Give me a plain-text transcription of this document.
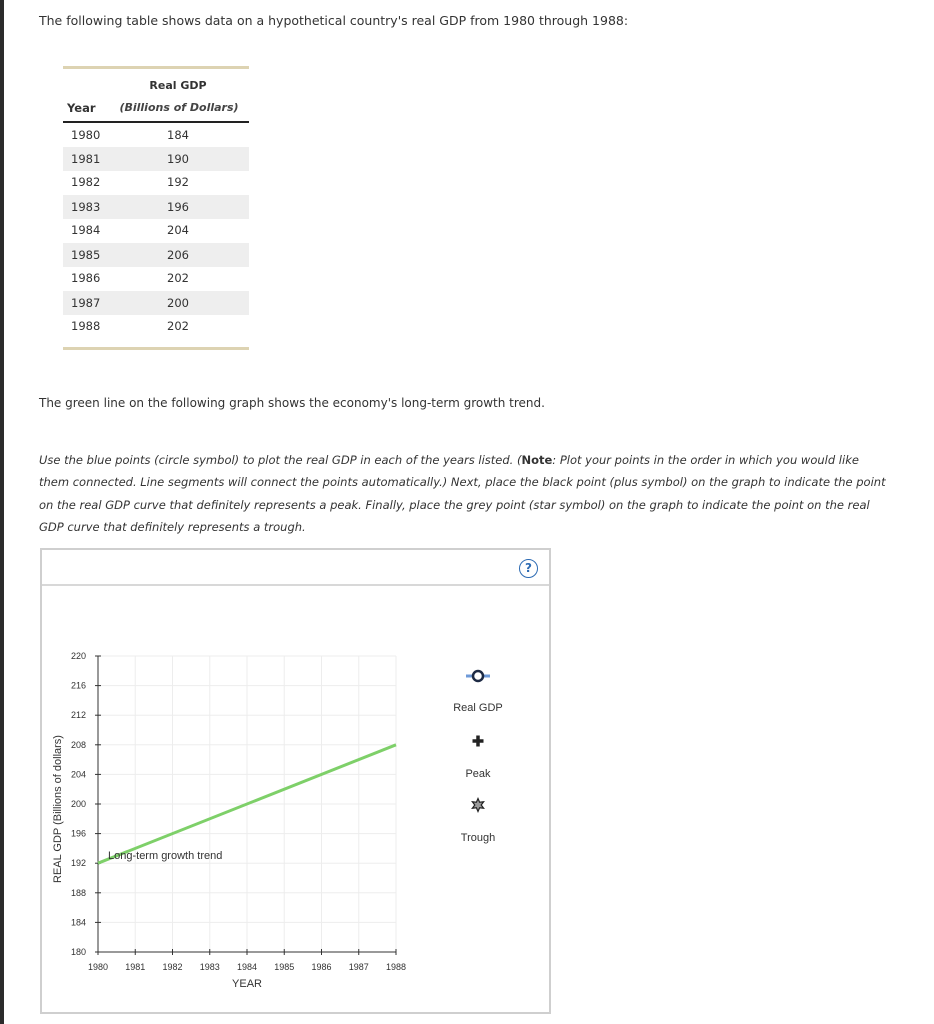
The following table shows data on a hypothetical country's real GDP from 1980 through 1988:
Real GDP
Year (Billions of Dollars)
1980	184
1981	190
1982	192
1983	196
1984	204
1985	206
1986	202
1987	200
1988	202
The green line on the following graph shows the economy's long-term growth trend.
Use the blue points (circle symbol) to plot the real GDP in each of the years listed. (Note: Plot your points in the order in which you would like them connected. Line segments will connect the points automatically.) Next, place the black point (plus symbol) on the graph to indicate the point on the real GDP curve that definitely represents a peak. Finally, place the grey point (star symbol) on the graph to indicate the point on the real GDP curve that definitely represents a trough.
?
180
184
188
192
196
200
204
208
212
216
220
1980 1981 1982 1983 1984 1985 1986 1987 1988
YEAR
REAL GDP (Billions of dollars)	Long-term growth trend
Real GDP
Peak
Trough
